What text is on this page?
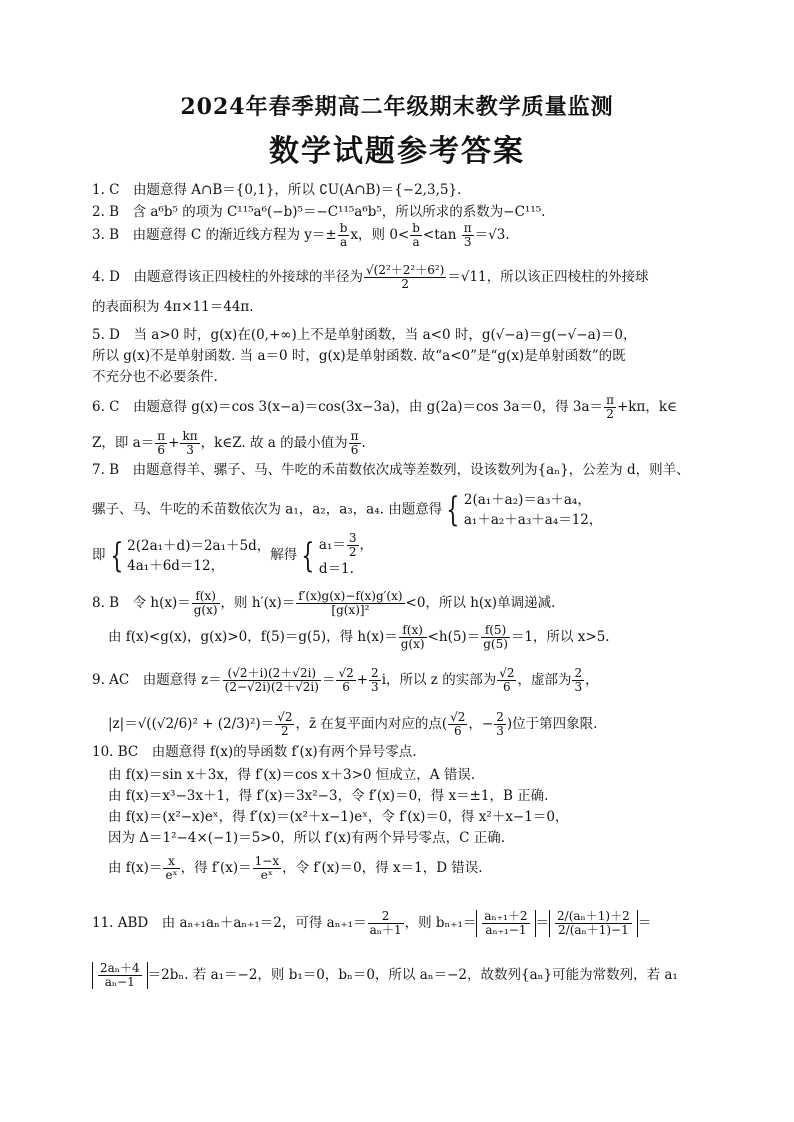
2024年春季期高二年级期末教学质量监测
数学试题参考答案
1. C　由题意得 A∩B＝{0,1}，所以 ∁U(A∩B)＝{−2,3,5}.
2. B　含 a⁶b⁵ 的项为 C¹¹⁵a⁶(−b)⁵＝−C¹¹⁵a⁶b⁵，所以所求的系数为−C¹¹⁵.
3. B　由题意得 C 的渐近线方程为 $y=\pm \frac{b}{a}$ x，则 $0< \frac{b}{a} <\tan \frac{\pi}{3} =√3$.
4. D　由题意得该正四棱柱的外接球的半径为 $\frac{\text{√(2²＋2²＋6²)}}{2} =√11$，所以该正四棱柱的外接球
的表面积为 4π×11＝44π.
5. D　当 a>0 时，g(x)在(0,+∞)上不是单射函数，当 a<0 时，g(√−a)＝g(−√−a)＝0，
所以 g(x)不是单射函数. 当 a＝0 时，g(x)是单射函数. 故“a<0”是“g(x)是单射函数”的既
不充分也不必要条件.
6. C　由题意得 g(x)＝cos 3(x−a)＝cos(3x−3a)，由 g(2a)＝cos 3a＝0，得 $3a= \frac{\pi}{2} +k\pi$，k∈
Z，即 $a= \frac{\pi}{6} + \frac{k\pi}{3}$ ，k∈Z. 故 a 的最小值为 $\frac{\pi}{6}$ .
7. B　由题意得羊、骡子、马、牛吃的禾苗数依次成等差数列，设该数列为{aₙ}，公差为 d，则羊、
骡子、马、牛吃的禾苗数依次为 a₁，a₂，a₃，a₄. 由题意得 { 2(a₁＋a₂)＝a₃＋a₄，
a₁＋a₂＋a₃＋a₄＝12，
即 { 2(2a₁＋d)＝2a₁＋5d，
4a₁＋6d＝12，解得 { $a_1= \frac{3}{2}$ ，
d＝1.
8. B　令 $h(x)= \frac{f(x)}{g(x)}$ ，则 $h'(x)= \frac{f'(x)g(x)-f(x)g'(x)}{\text{[g(x)]²}} <0$，所以 h(x)单调递减.
由 f(x)<g(x)，g(x)>0，f(5)＝g(5)，得 $h(x)= \frac{f(x)}{g(x)} <h(5)= \frac{f(5)}{g(5)} =1$，所以 x>5.
9. AC　由题意得 $z= \frac{(√2+i)(2+√2i)}{(2-√2i)(2+√2i)} = \frac{√2}{6} + \frac{2}{3}$ i，所以 z 的实部为 $\frac{√2}{6}$ ，虚部为 $\frac{2}{3}$ ，
$|z|=√((√2/6)^2 + (2/3)^2)= \frac{√2}{2}$ ，z̄ 在复平面内对应的点( $\frac{√2}{6}$ ，− $\frac{2}{3}$ )位于第四象限.
10. BC　由题意得 f(x)的导函数 f′(x)有两个异号零点.
由 f(x)＝sin x＋3x，得 f′(x)＝cos x＋3>0 恒成立，A 错误.
由 f(x)＝x³−3x＋1，得 f′(x)＝3x²−3，令 f′(x)＝0，得 x＝±1，B 正确.
由 f(x)＝(x²−x)eˣ，得 f′(x)＝(x²＋x−1)eˣ，令 f′(x)＝0，得 x²＋x−1＝0，
因为 Δ＝1²−4×(−1)＝5>0，所以 f′(x)有两个异号零点，C 正确.
由 $f(x)= \frac{x}{\text{eˣ}}$ ，得 $f'(x)= \frac{1-x}{\text{eˣ}}$ ，令 f′(x)＝0，得 x＝1，D 错误.
11. ABD　由 aₙ₊₁aₙ＋aₙ₊₁＝2，可得 $a_{n+1}= \frac{2}{\text{aₙ＋1}}$ ，则 $b_{n+1}= \frac{\text{aₙ₊₁＋2}}{\text{aₙ₊₁−1}} = \frac{\text{2/(aₙ＋1)＋2}}{\text{2/(aₙ＋1)−1}}$ ＝
$\frac{\text{2aₙ＋4}}{\text{aₙ−1}} =2b_n$. 若 a₁＝−2，则 b₁＝0，bₙ＝0，所以 aₙ＝−2，故数列{aₙ}可能为常数列，若 a₁
